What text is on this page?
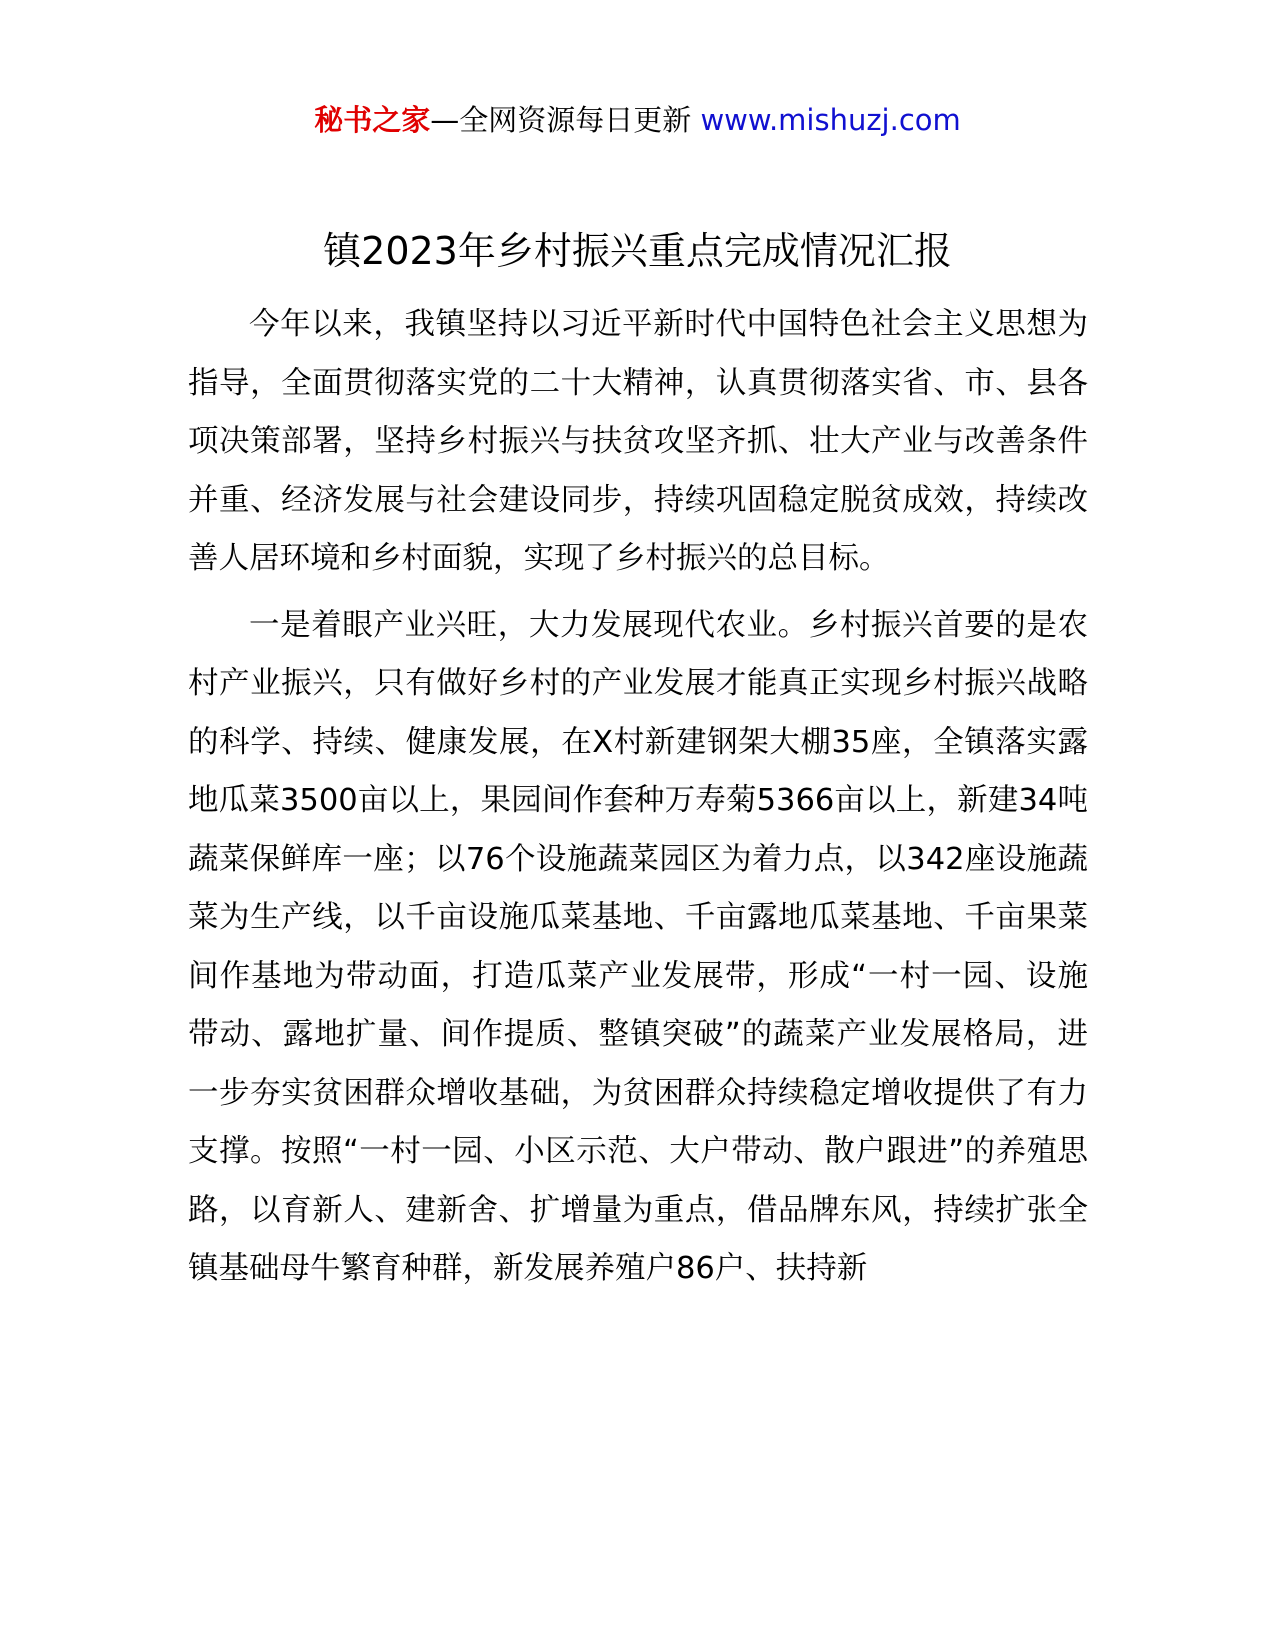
秘书之家—全网资源每日更新 www.mishuzj.com
镇2023年乡村振兴重点完成情况汇报

今年以来，我镇坚持以习近平新时代中国特色社会主义思想为指导，全面贯彻落实党的二十大精神，认真贯彻落实省、市、县各项决策部署，坚持乡村振兴与扶贫攻坚齐抓、壮大产业与改善条件并重、经济发展与社会建设同步，持续巩固稳定脱贫成效，持续改善人居环境和乡村面貌，实现了乡村振兴的总目标。

一是着眼产业兴旺，大力发展现代农业。乡村振兴首要的是农村产业振兴，只有做好乡村的产业发展才能真正实现乡村振兴战略的科学、持续、健康发展，在X村新建钢架大棚35座，全镇落实露地瓜菜3500亩以上，果园间作套种万寿菊5366亩以上，新建34吨蔬菜保鲜库一座；以76个设施蔬菜园区为着力点，以342座设施蔬菜为生产线，以千亩设施瓜菜基地、千亩露地瓜菜基地、千亩果菜间作基地为带动面，打造瓜菜产业发展带，形成“一村一园、设施带动、露地扩量、间作提质、整镇突破”的蔬菜产业发展格局，进一步夯实贫困群众增收基础，为贫困群众持续稳定增收提供了有力支撑。按照“一村一园、小区示范、大户带动、散户跟进”的养殖思路，以育新人、建新舍、扩增量为重点，借品牌东风，持续扩张全镇基础母牛繁育种群，新发展养殖户86户、扶持新
